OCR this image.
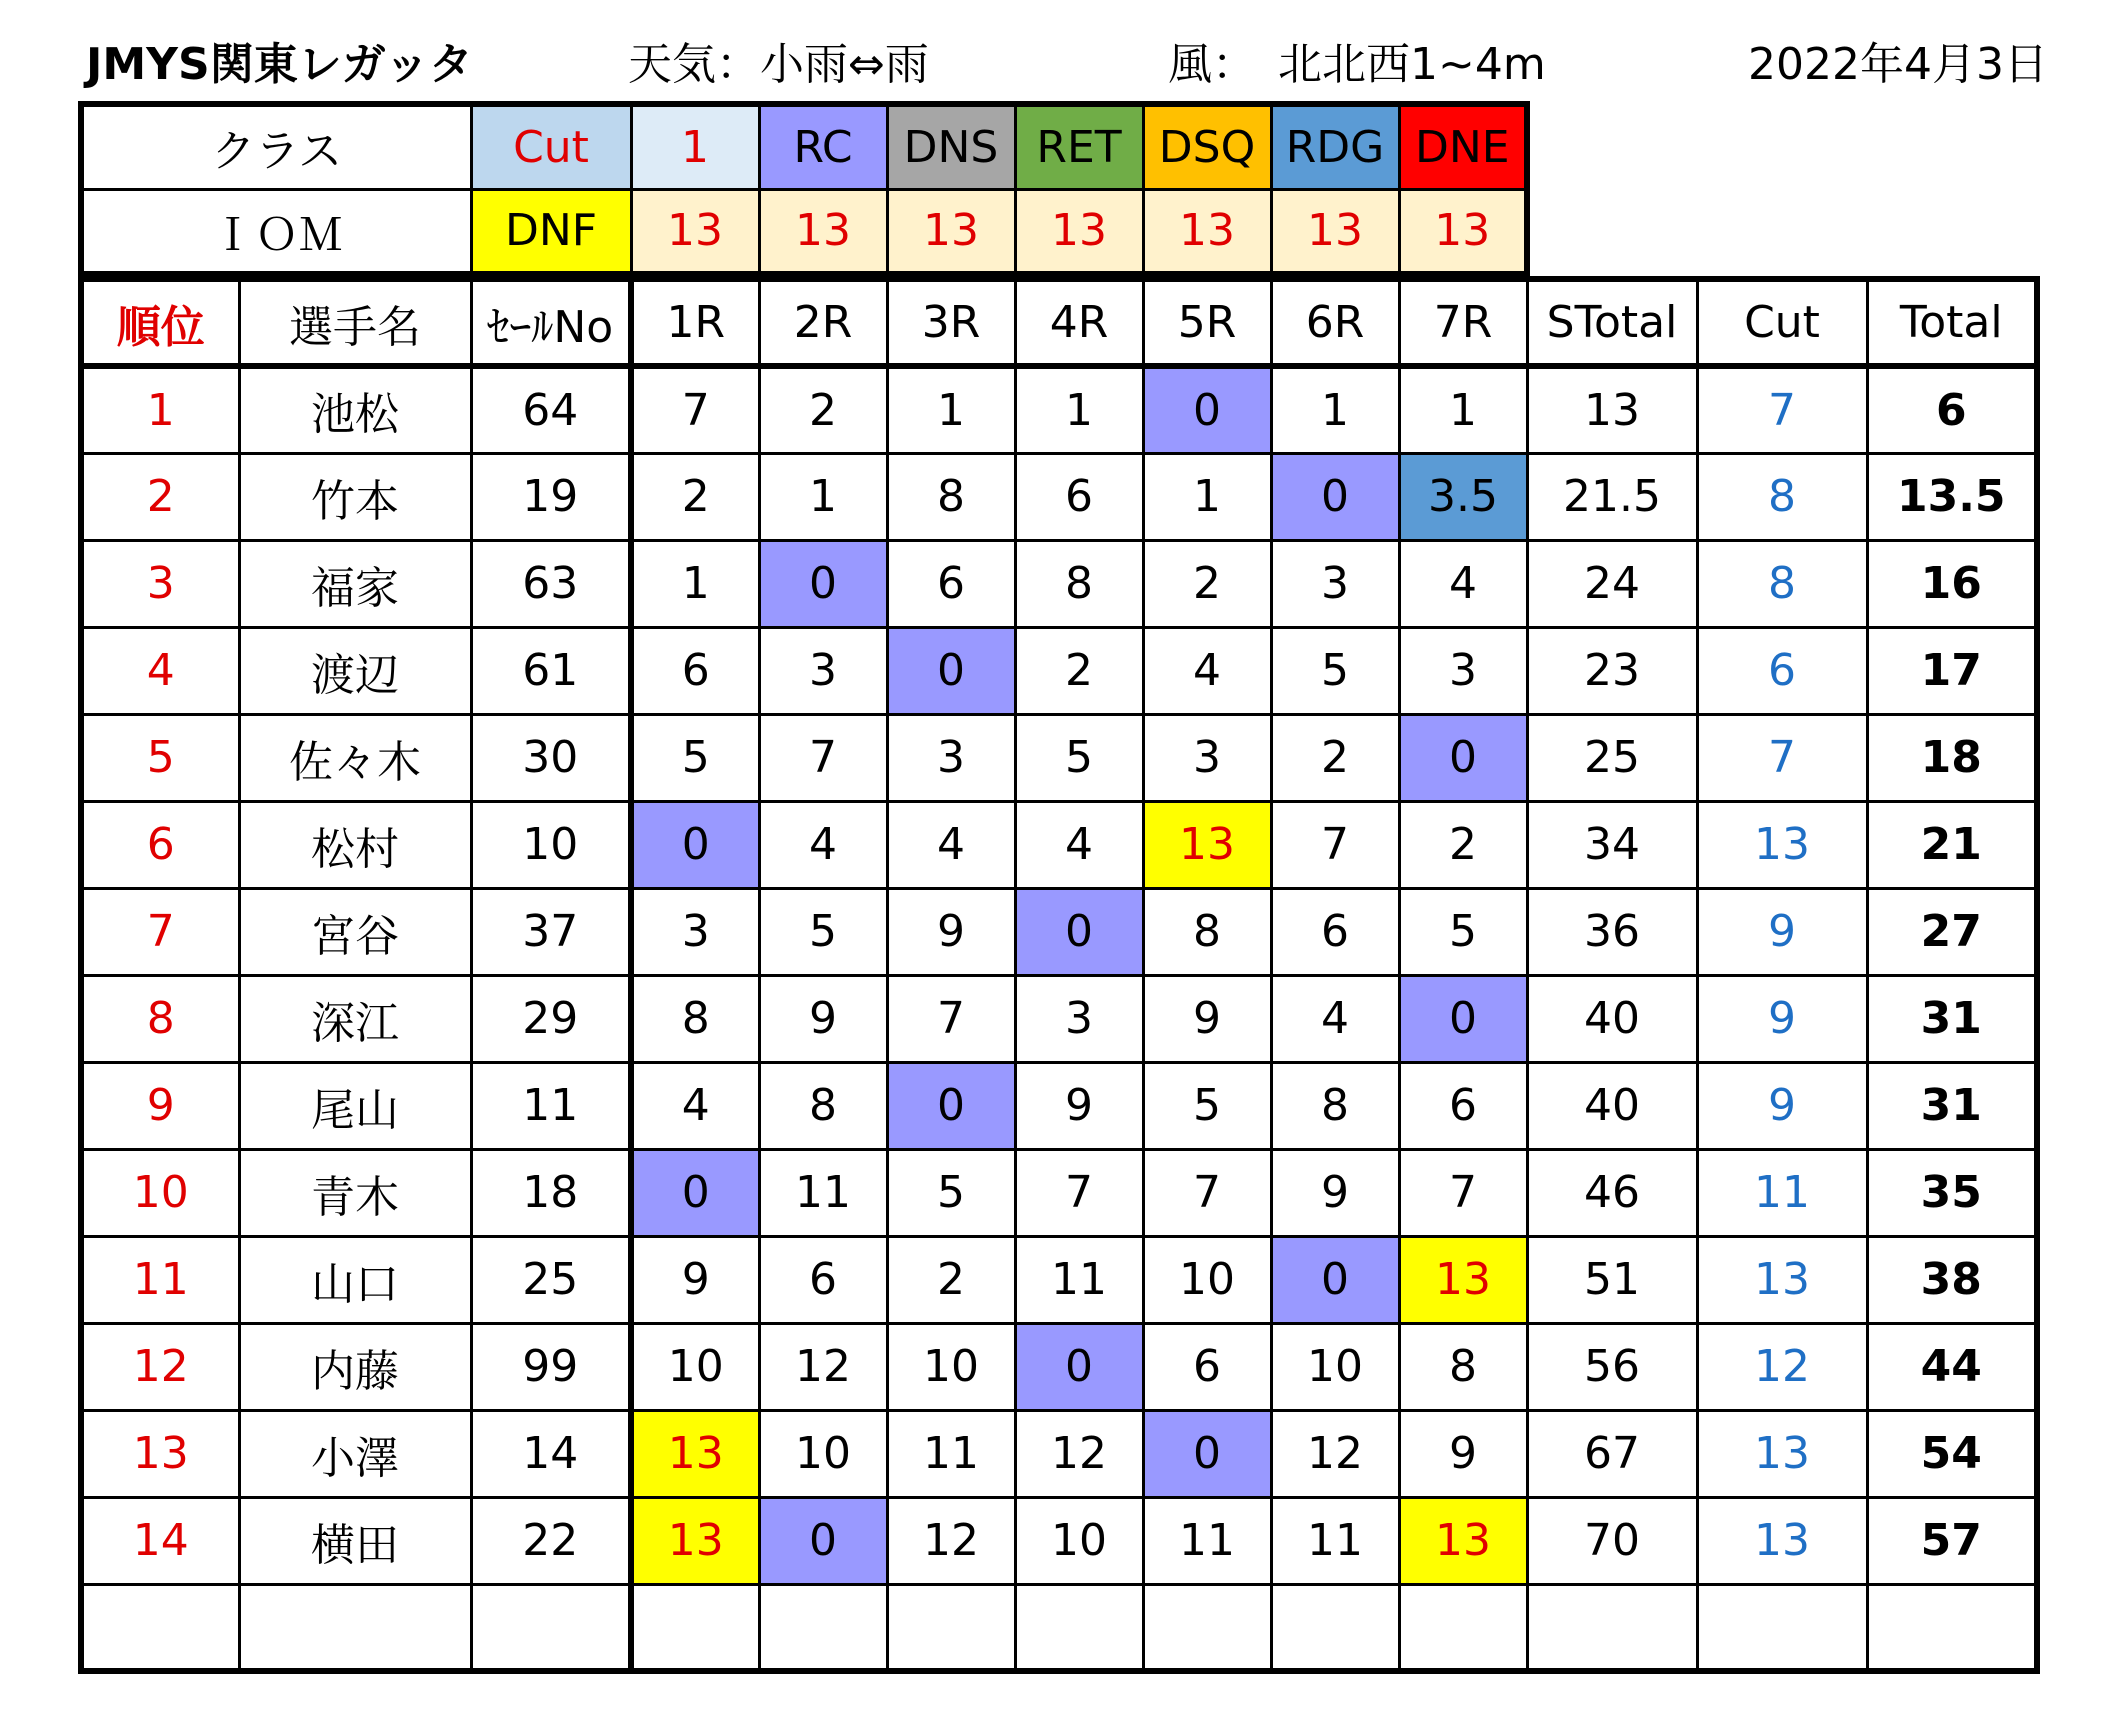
JMYS関東レガッタ	天気：小雨⇔雨	風：　北北西1~4m	2022年4月3日
クラス	Cut	1	RC	DNS	RET	DSQ	RDG	DNE
ＩＯＭ	DNF	13	13	13	13	13	13	13
順位	選手名	ｾｰﾙNo	1R	2R	3R	4R	5R	6R	7R	STotal	Cut	Total
1	池松	64	7	2	1	1	0	1	1	13	7	6
2	竹本	19	2	1	8	6	1	0	3.5	21.5	8	13.5
3	福家	63	1	0	6	8	2	3	4	24	8	16
4	渡辺	61	6	3	0	2	4	5	3	23	6	17
5	佐々木	30	5	7	3	5	3	2	0	25	7	18
6	松村	10	0	4	4	4	13	7	2	34	13	21
7	宮谷	37	3	5	9	0	8	6	5	36	9	27
8	深江	29	8	9	7	3	9	4	0	40	9	31
9	尾山	11	4	8	0	9	5	8	6	40	9	31
10	青木	18	0	11	5	7	7	9	7	46	11	35
11	山口	25	9	6	2	11	10	0	13	51	13	38
12	内藤	99	10	12	10	0	6	10	8	56	12	44
13	小澤	14	13	10	11	12	0	12	9	67	13	54
14	横田	22	13	0	12	10	11	11	13	70	13	57
